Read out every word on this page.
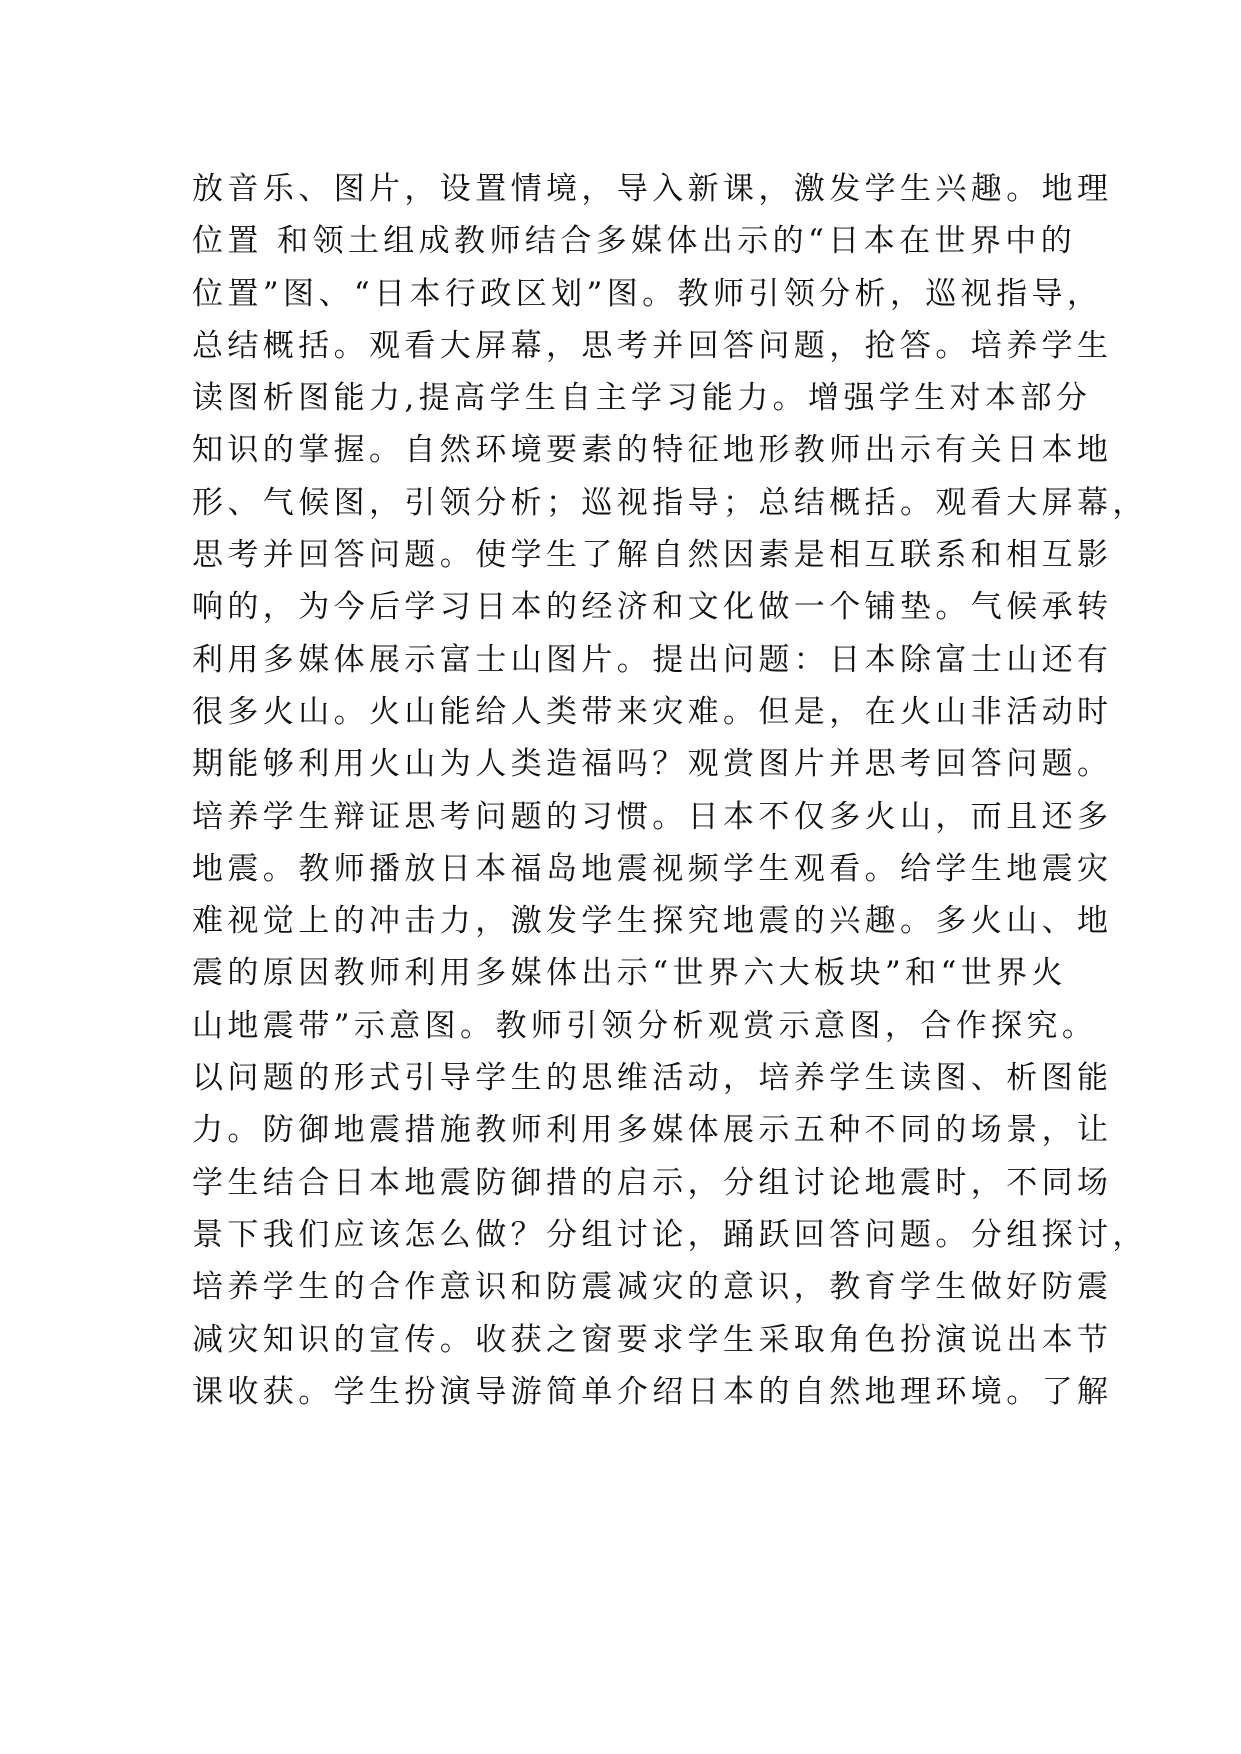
放音乐、图片，设置情境，导入新课，激发学生兴趣。地理
位置 和领土组成教师结合多媒体出示的“日本在世界中的
位置”图、“日本行政区划”图。教师引领分析，巡视指导，
总结概括。观看大屏幕，思考并回答问题，抢答。培养学生
读图析图能力,提高学生自主学习能力。增强学生对本部分
知识的掌握。自然环境要素的特征地形教师出示有关日本地
形、气候图，引领分析；巡视指导；总结概括。观看大屏幕，
思考并回答问题。使学生了解自然因素是相互联系和相互影
响的，为今后学习日本的经济和文化做一个铺垫。气候承转
利用多媒体展示富士山图片。提出问题：日本除富士山还有
很多火山。火山能给人类带来灾难。但是，在火山非活动时
期能够利用火山为人类造福吗？观赏图片并思考回答问题。
培养学生辩证思考问题的习惯。日本不仅多火山，而且还多
地震。教师播放日本福岛地震视频学生观看。给学生地震灾
难视觉上的冲击力，激发学生探究地震的兴趣。多火山、地
震的原因教师利用多媒体出示“世界六大板块”和“世界火
山地震带”示意图。教师引领分析观赏示意图，合作探究。
以问题的形式引导学生的思维活动，培养学生读图、析图能
力。防御地震措施教师利用多媒体展示五种不同的场景，让
学生结合日本地震防御措的启示，分组讨论地震时，不同场
景下我们应该怎么做？分组讨论，踊跃回答问题。分组探讨，
培养学生的合作意识和防震减灾的意识，教育学生做好防震
减灾知识的宣传。收获之窗要求学生采取角色扮演说出本节
课收获。学生扮演导游简单介绍日本的自然地理环境。了解
